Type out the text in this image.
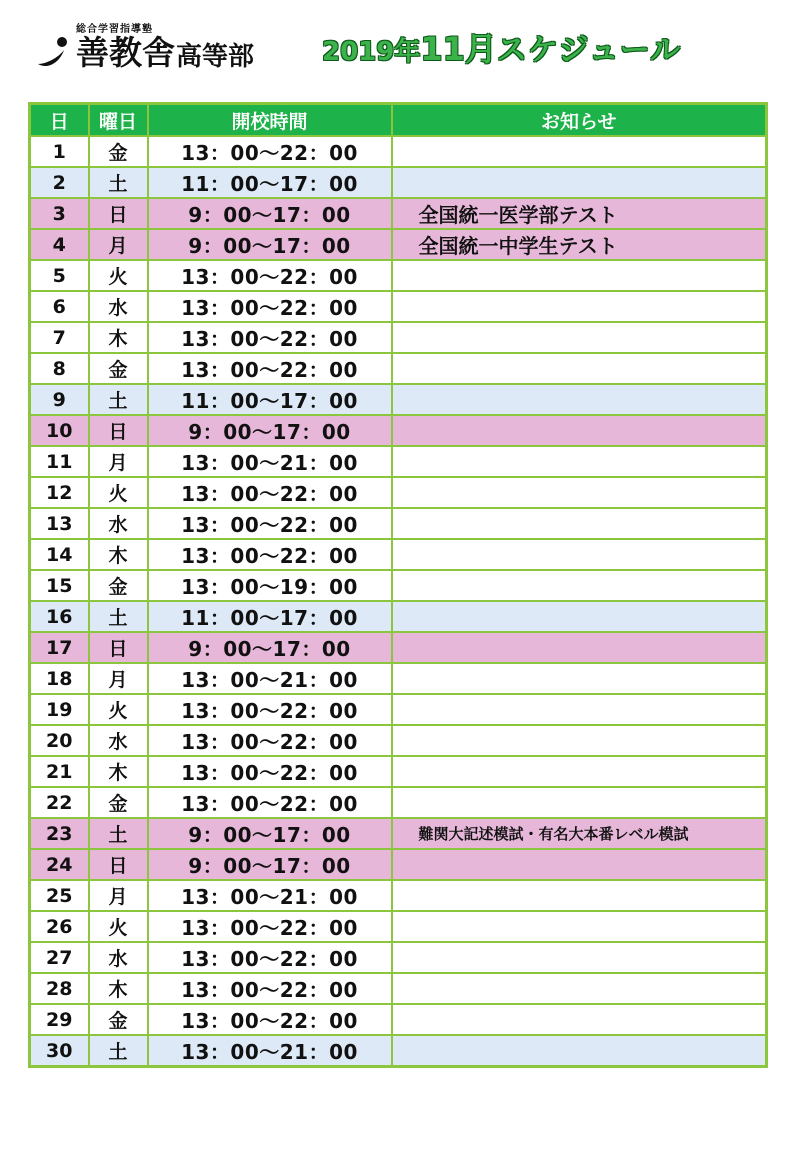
総合学習指導塾
善教舎 高等部	2019年11月スケジュール
日	曜日	開校時間	お知らせ
1	金	13：00〜22：00	
2	土	11：00〜17：00	
3	日	9：00〜17：00	全国統一医学部テスト
4	月	9：00〜17：00	全国統一中学生テスト
5	火	13：00〜22：00	
6	水	13：00〜22：00	
7	木	13：00〜22：00	
8	金	13：00〜22：00	
9	土	11：00〜17：00	
10	日	9：00〜17：00	
11	月	13：00〜21：00	
12	火	13：00〜22：00	
13	水	13：00〜22：00	
14	木	13：00〜22：00	
15	金	13：00〜19：00	
16	土	11：00〜17：00	
17	日	9：00〜17：00	
18	月	13：00〜21：00	
19	火	13：00〜22：00	
20	水	13：00〜22：00	
21	木	13：00〜22：00	
22	金	13：00〜22：00	
23	土	9：00〜17：00	難関大記述模試・有名大本番レベル模試
24	日	9：00〜17：00	
25	月	13：00〜21：00	
26	火	13：00〜22：00	
27	水	13：00〜22：00	
28	木	13：00〜22：00	
29	金	13：00〜22：00	
30	土	13：00〜21：00	
